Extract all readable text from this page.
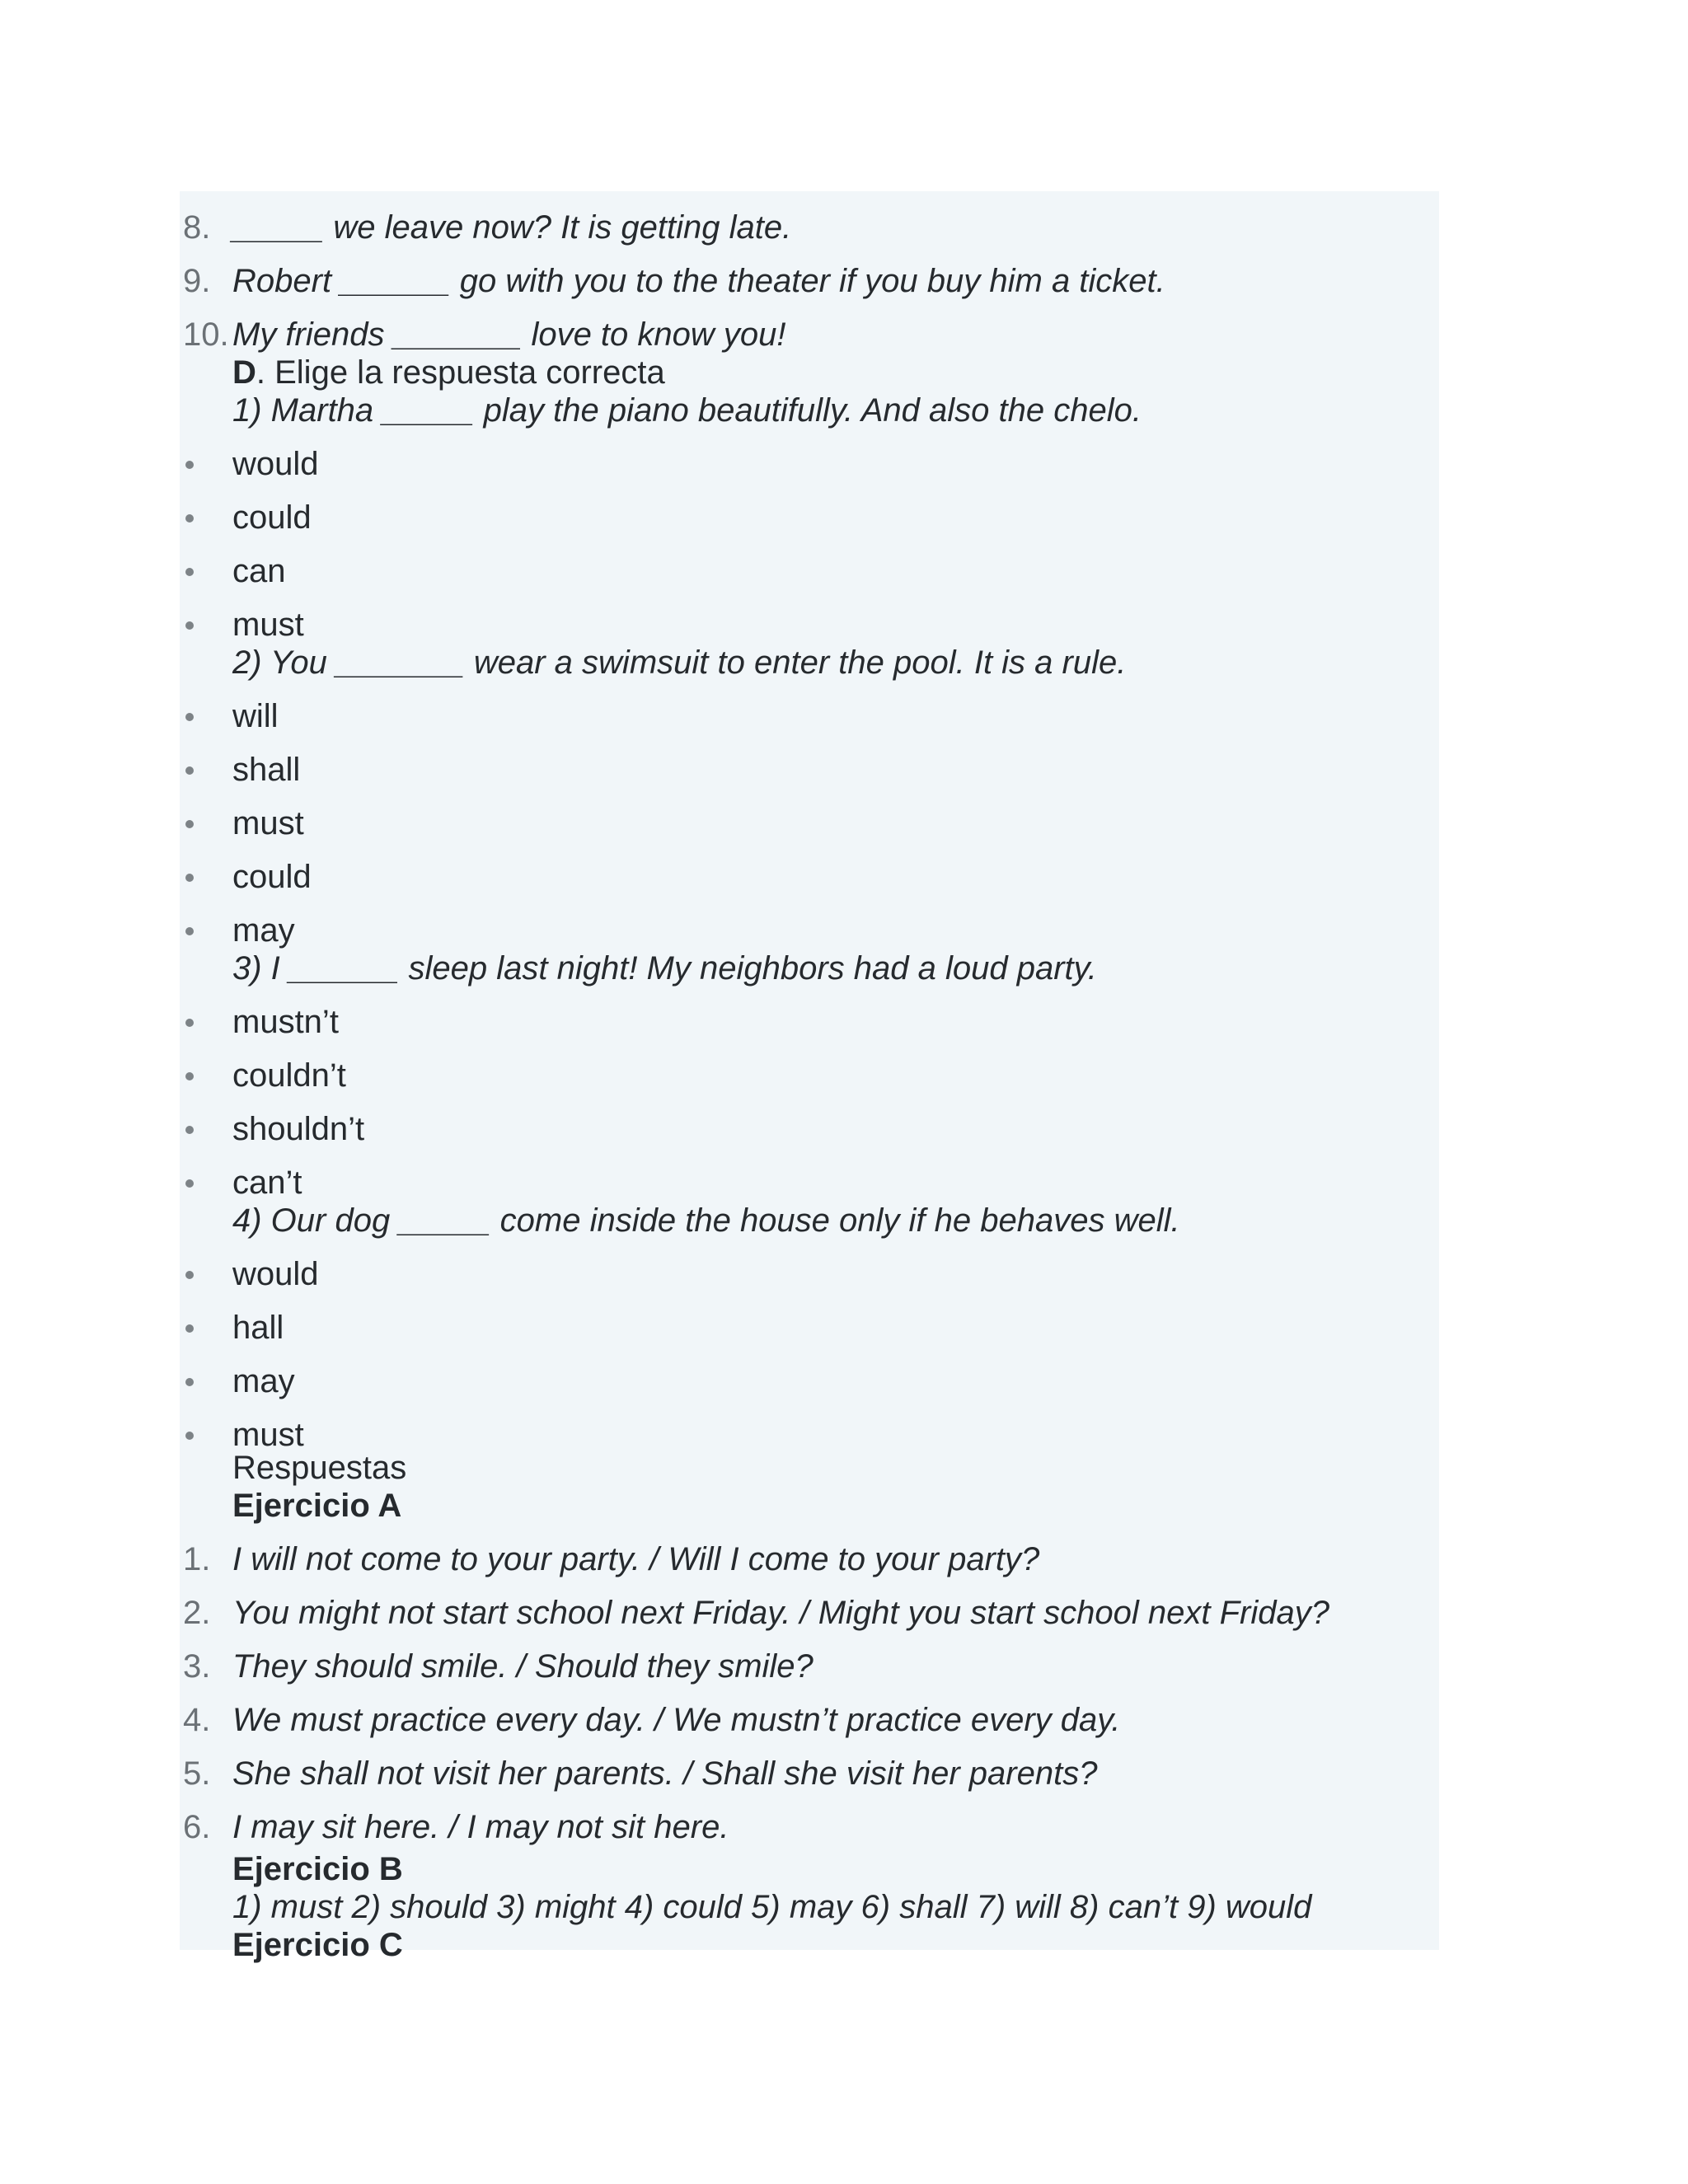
8. _____ we leave now? It is getting late.
9. Robert ______ go with you to the theater if you buy him a ticket.
10. My friends _______ love to know you!
D. Elige la respuesta correcta
1) Martha _____ play the piano beautifully. And also the chelo.
would
could
can
must
2) You _______ wear a swimsuit to enter the pool. It is a rule.
will
shall
must
could
may
3) I ______ sleep last night! My neighbors had a loud party.
mustn’t
couldn’t
shouldn’t
can’t
4) Our dog _____ come inside the house only if he behaves well.
would
hall
may
must
Respuestas
Ejercicio A
1. I will not come to your party. / Will I come to your party?
2. You might not start school next Friday. / Might you start school next Friday?
3. They should smile. / Should they smile?
4. We must practice every day. / We mustn’t practice every day.
5. She shall not visit her parents. / Shall she visit her parents?
6. I may sit here. / I may not sit here.
Ejercicio B
1) must 2) should 3) might 4) could 5) may 6) shall 7) will 8) can’t 9) would
Ejercicio C
